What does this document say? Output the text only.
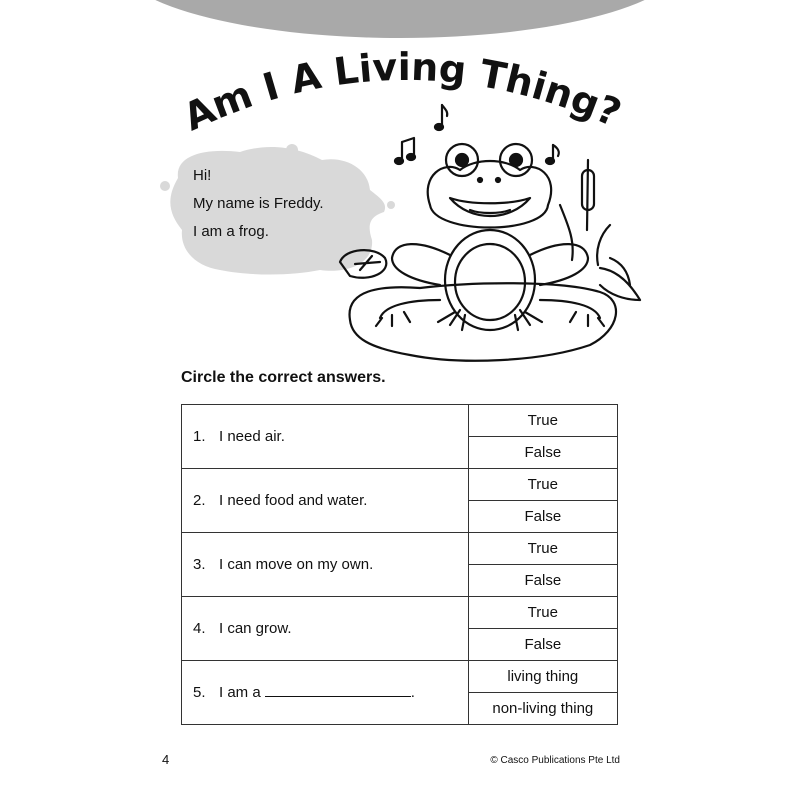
Am I A Living Thing?
Hi!
My name is Freddy.
I am a frog.
Circle the correct answers.
1. I need air.	True
	False
2. I need food and water.	True
	False
3. I can move on my own.	True
	False
4. I can grow.	True
	False
5. I am a .	living thing
	non-living thing
4	© Casco Publications Pte Ltd
